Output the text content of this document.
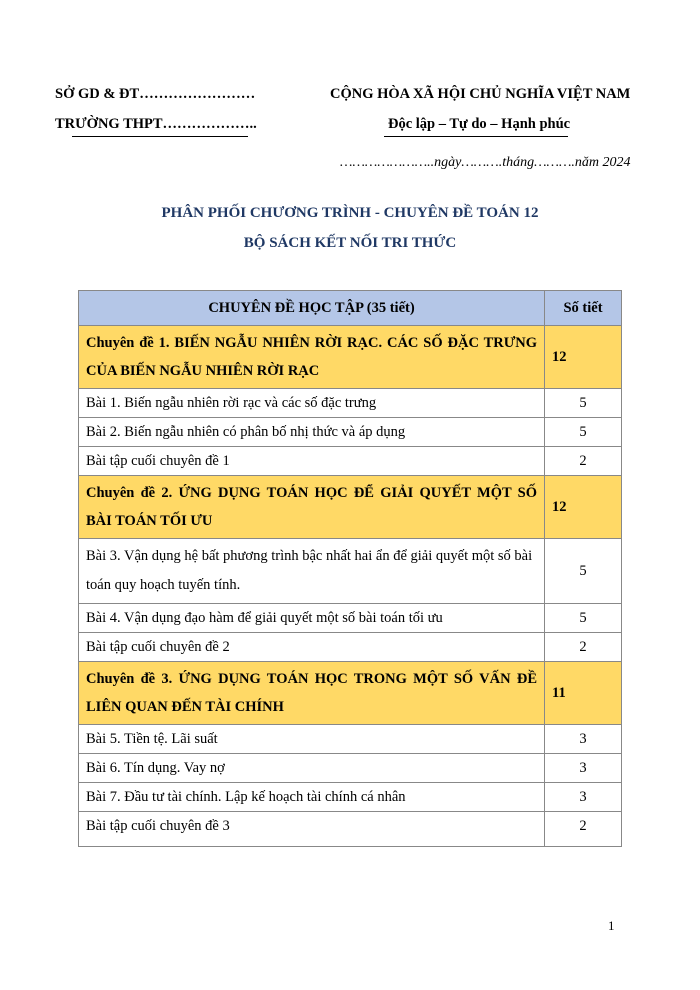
SỞ GD & ĐT……………………
TRƯỜNG THPT………………..
CỘNG HÒA XÃ HỘI CHỦ NGHĨA VIỆT NAM
Độc lập – Tự do – Hạnh phúc
…………………..ngày……….tháng……….năm 2024
PHÂN PHỐI CHƯƠNG TRÌNH - CHUYÊN ĐỀ TOÁN 12
BỘ SÁCH KẾT NỐI TRI THỨC
CHUYÊN ĐỀ HỌC TẬP (35 tiết)	Số tiết
Chuyên đề 1. BIẾN NGẪU NHIÊN RỜI RẠC. CÁC SỐ ĐẶC TRƯNG CỦA BIẾN NGẪU NHIÊN RỜI RẠC	12
Bài 1. Biến ngẫu nhiên rời rạc và các số đặc trưng	5
Bài 2. Biến ngẫu nhiên có phân bố nhị thức và áp dụng	5
Bài tập cuối chuyên đề 1	2
Chuyên đề 2. ỨNG DỤNG TOÁN HỌC ĐỂ GIẢI QUYẾT MỘT SỐ BÀI TOÁN TỐI ƯU	12
Bài 3. Vận dụng hệ bất phương trình bậc nhất hai ẩn để giải quyết một số bài toán quy hoạch tuyến tính.	5
Bài 4. Vận dụng đạo hàm để giải quyết một số bài toán tối ưu	5
Bài tập cuối chuyên đề 2	2
Chuyên đề 3. ỨNG DỤNG TOÁN HỌC TRONG MỘT SỐ VẤN ĐỀ LIÊN QUAN ĐẾN TÀI CHÍNH	11
Bài 5. Tiền tệ. Lãi suất	3
Bài 6. Tín dụng. Vay nợ	3
Bài 7. Đầu tư tài chính. Lập kế hoạch tài chính cá nhân	3
Bài tập cuối chuyên đề 3	2
1
